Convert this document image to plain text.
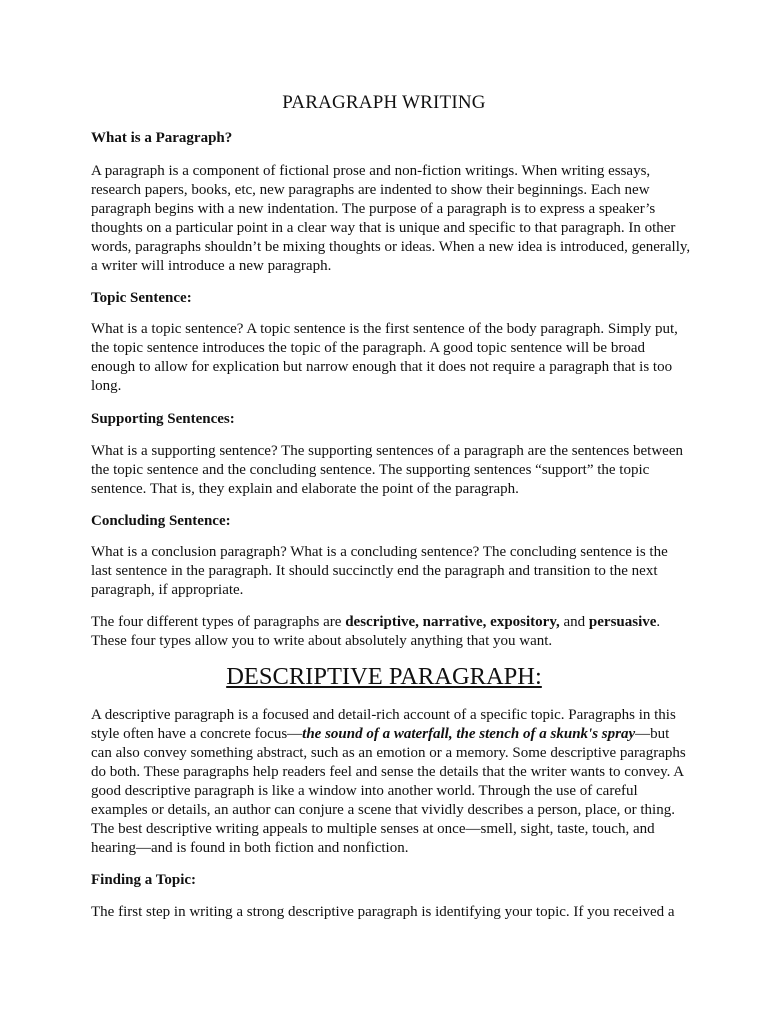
PARAGRAPH WRITING
What is a Paragraph?

A paragraph is a component of fictional prose and non-fiction writings. When writing essays, research papers, books, etc, new paragraphs are indented to show their beginnings. Each new paragraph begins with a new indentation. The purpose of a paragraph is to express a speaker’s thoughts on a particular point in a clear way that is unique and specific to that paragraph. In other words, paragraphs shouldn’t be mixing thoughts or ideas. When a new idea is introduced, generally, a writer will introduce a new paragraph.

Topic Sentence:

What is a topic sentence? A topic sentence is the first sentence of the body paragraph. Simply put, the topic sentence introduces the topic of the paragraph. A good topic sentence will be broad enough to allow for explication but narrow enough that it does not require a paragraph that is too long.

Supporting Sentences:

What is a supporting sentence? The supporting sentences of a paragraph are the sentences between the topic sentence and the concluding sentence. The supporting sentences “support” the topic sentence. That is, they explain and elaborate the point of the paragraph.

Concluding Sentence:

What is a conclusion paragraph? What is a concluding sentence? The concluding sentence is the last sentence in the paragraph. It should succinctly end the paragraph and transition to the next paragraph, if appropriate.

The four different types of paragraphs are descriptive, narrative, expository, and persuasive. These four types allow you to write about absolutely anything that you want.

DESCRIPTIVE PARAGRAPH:

A descriptive paragraph is a focused and detail-rich account of a specific topic. Paragraphs in this style often have a concrete focus—the sound of a waterfall, the stench of a skunk's spray—but can also convey something abstract, such as an emotion or a memory. Some descriptive paragraphs do both. These paragraphs help readers feel and sense the details that the writer wants to convey. A good descriptive paragraph is like a window into another world. Through the use of careful examples or details, an author can conjure a scene that vividly describes a person, place, or thing. The best descriptive writing appeals to multiple senses at once—smell, sight, taste, touch, and hearing—and is found in both fiction and nonfiction.

Finding a Topic:

The first step in writing a strong descriptive paragraph is identifying your topic. If you received a
